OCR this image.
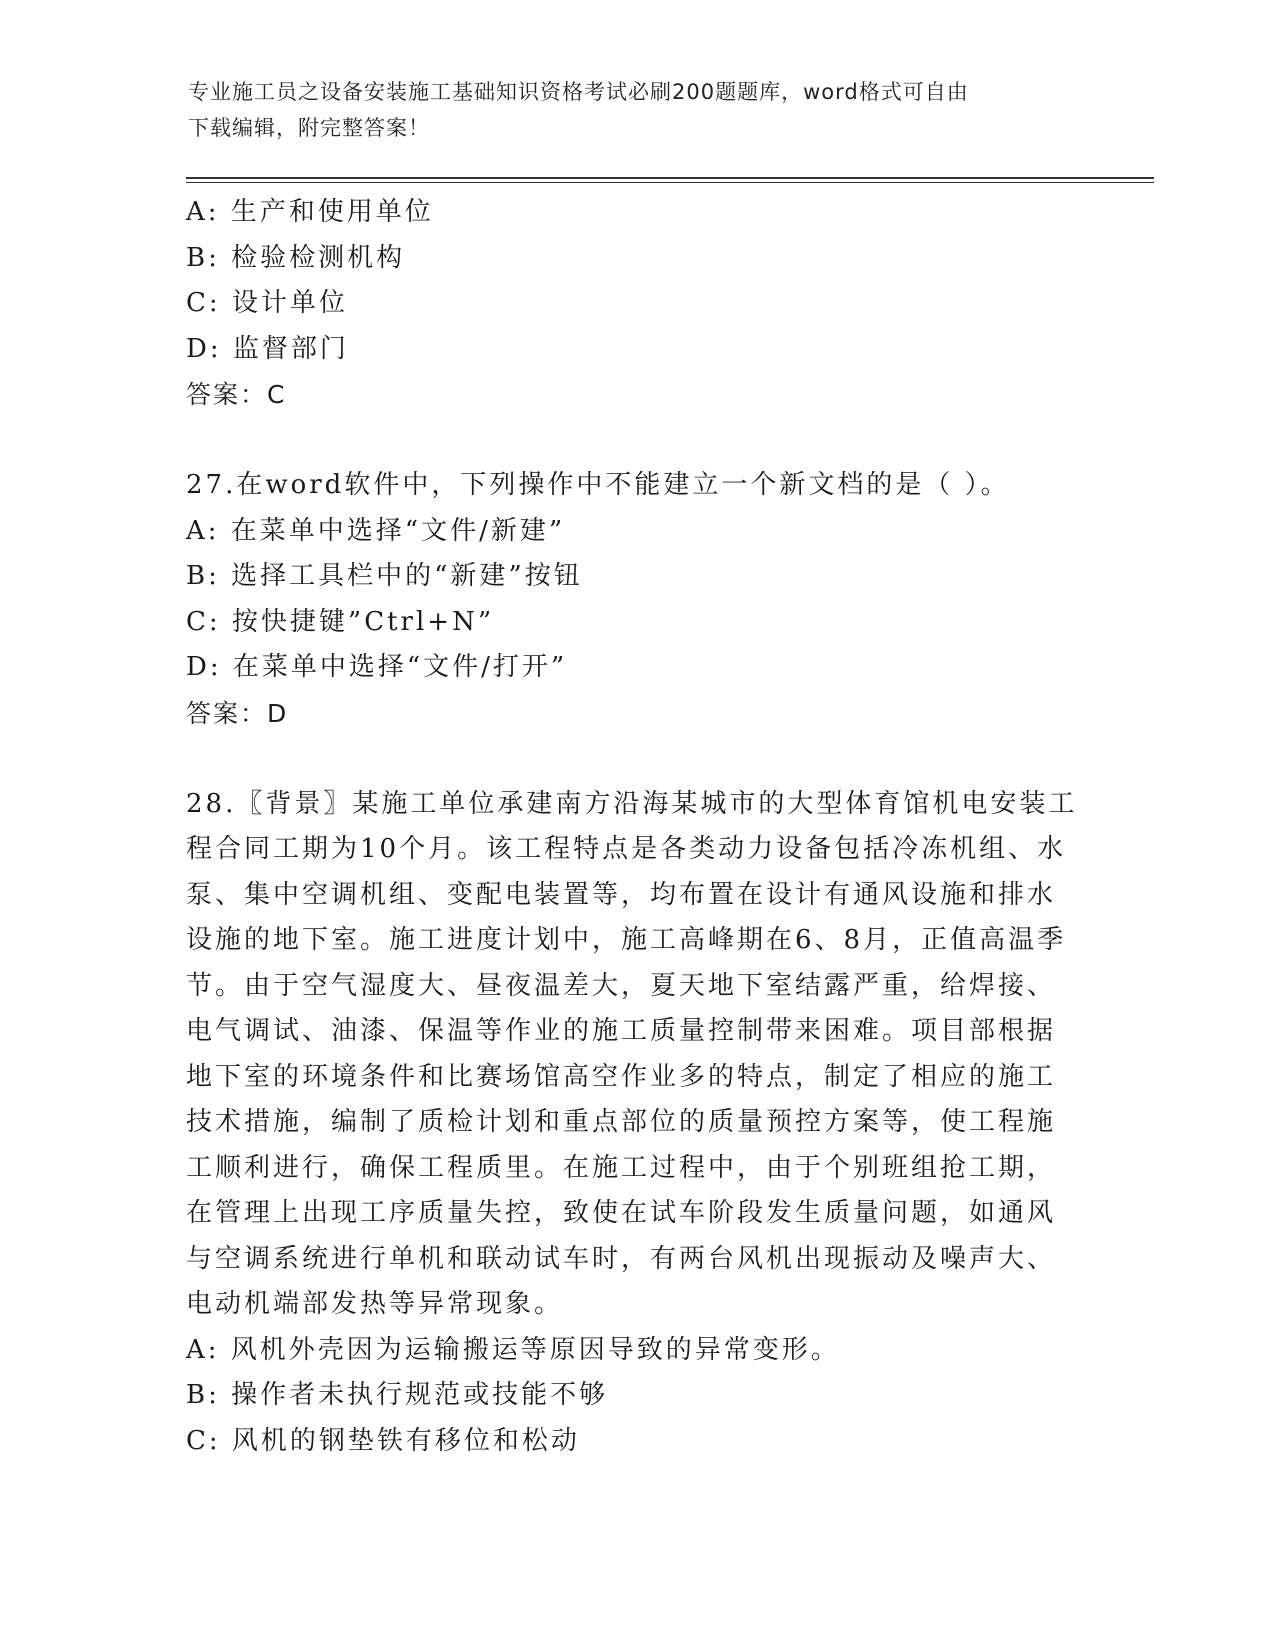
专业施工员之设备安装施工基础知识资格考试必刷200题题库，word格式可自由
下载编辑，附完整答案！
A: 生产和使用单位
B: 检验检测机构
C: 设计单位
D: 监督部门
答案：C
27.在word软件中，下列操作中不能建立一个新文档的是（ ）。
A: 在菜单中选择“文件/新建”
B: 选择工具栏中的“新建”按钮
C: 按快捷键”Ctrl+N”
D: 在菜单中选择“文件/打开”
答案：D
28.〖背景〗某施工单位承建南方沿海某城市的大型体育馆机电安装工
程合同工期为10个月。该工程特点是各类动力设备包括冷冻机组、水
泵、集中空调机组、变配电装置等，均布置在设计有通风设施和排水
设施的地下室。施工进度计划中，施工高峰期在6、8月，正值高温季
节。由于空气湿度大、昼夜温差大，夏天地下室结露严重，给焊接、
电气调试、油漆、保温等作业的施工质量控制带来困难。项目部根据
地下室的环境条件和比赛场馆高空作业多的特点，制定了相应的施工
技术措施，编制了质检计划和重点部位的质量预控方案等，使工程施
工顺利进行，确保工程质里。在施工过程中，由于个别班组抢工期，
在管理上出现工序质量失控，致使在试车阶段发生质量问题，如通风
与空调系统进行单机和联动试车时，有两台风机出现振动及噪声大、
电动机端部发热等异常现象。
A: 风机外壳因为运输搬运等原因导致的异常变形。
B: 操作者未执行规范或技能不够
C: 风机的钢垫铁有移位和松动
